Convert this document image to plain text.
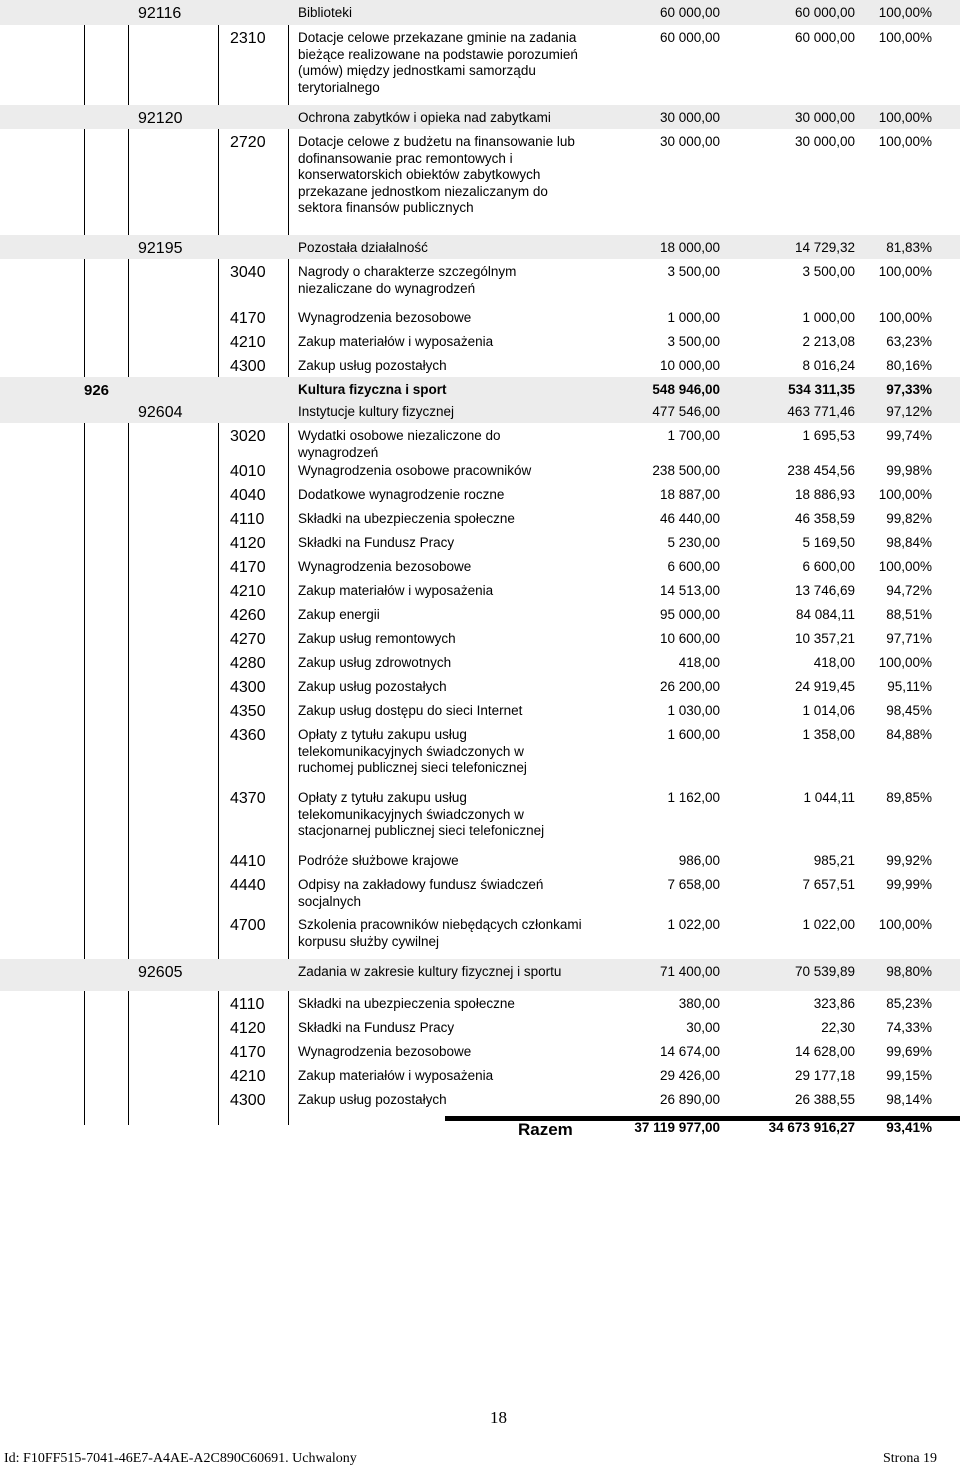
92116	Biblioteki	60 000,00	60 000,00	100,00%
2310 Dotacje celowe przekazane gminie na zadania bieżące realizowane na podstawie porozumień (umów) między jednostkami samorządu terytorialnego
60 000,00	60 000,00	100,00%
92120	Ochrona zabytków i opieka nad zabytkami	30 000,00	30 000,00	100,00%
2720 Dotacje celowe z budżetu na finansowanie lub dofinansowanie prac remontowych i konserwatorskich obiektów zabytkowych przekazane jednostkom niezaliczanym do sektora finansów publicznych
30 000,00	30 000,00	100,00%
92195	Pozostała działalność	18 000,00	14 729,32	81,83%
3040 Nagrody o charakterze szczególnym niezaliczane do wynagrodzeń
3 500,00	3 500,00	100,00%
4170 Wynagrodzenia bezosobowe	1 000,00	1 000,00	100,00%
4210 Zakup materiałów i wyposażenia	3 500,00	2 213,08	63,23%
4300 Zakup usług pozostałych	10 000,00	8 016,24	80,16%
926	Kultura fizyczna i sport	548 946,00	534 311,35	97,33%
92604	Instytucje kultury fizycznej	477 546,00	463 771,46	97,12%
3020 Wydatki osobowe niezaliczone do wynagrodzeń
1 700,00	1 695,53	99,74%
4010 Wynagrodzenia osobowe pracowników	238 500,00	238 454,56	99,98%
4040 Dodatkowe wynagrodzenie roczne	18 887,00	18 886,93	100,00%
4110 Składki na ubezpieczenia społeczne	46 440,00	46 358,59	99,82%
4120 Składki na Fundusz Pracy	5 230,00	5 169,50	98,84%
4170 Wynagrodzenia bezosobowe	6 600,00	6 600,00	100,00%
4210 Zakup materiałów i wyposażenia	14 513,00	13 746,69	94,72%
4260 Zakup energii	95 000,00	84 084,11	88,51%
4270 Zakup usług remontowych	10 600,00	10 357,21	97,71%
4280 Zakup usług zdrowotnych	418,00	418,00	100,00%
4300 Zakup usług pozostałych	26 200,00	24 919,45	95,11%
4350 Zakup usług dostępu do sieci Internet	1 030,00	1 014,06	98,45%
4360 Opłaty z tytułu zakupu usług telekomunikacyjnych świadczonych w ruchomej publicznej sieci telefonicznej
1 600,00	1 358,00	84,88%
4370 Opłaty z tytułu zakupu usług telekomunikacyjnych świadczonych w stacjonarnej publicznej sieci telefonicznej
1 162,00	1 044,11	89,85%
4410 Podróże służbowe krajowe	986,00	985,21	99,92%
4440 Odpisy na zakładowy fundusz świadczeń socjalnych
7 658,00	7 657,51	99,99%
4700 Szkolenia pracowników niebędących członkami korpusu służby cywilnej
1 022,00	1 022,00	100,00%
92605	Zadania w zakresie kultury fizycznej i sportu	71 400,00	70 539,89	98,80%
4110 Składki na ubezpieczenia społeczne	380,00	323,86	85,23%
4120 Składki na Fundusz Pracy	30,00	22,30	74,33%
4170 Wynagrodzenia bezosobowe	14 674,00	14 628,00	99,69%
4210 Zakup materiałów i wyposażenia	29 426,00	29 177,18	99,15%
4300 Zakup usług pozostałych	26 890,00	26 388,55	98,14%
Razem	37 119 977,00	34 673 916,27	93,41%
18
Id: F10FF515-7041-46E7-A4AE-A2C890C60691. Uchwalony	Strona 19
